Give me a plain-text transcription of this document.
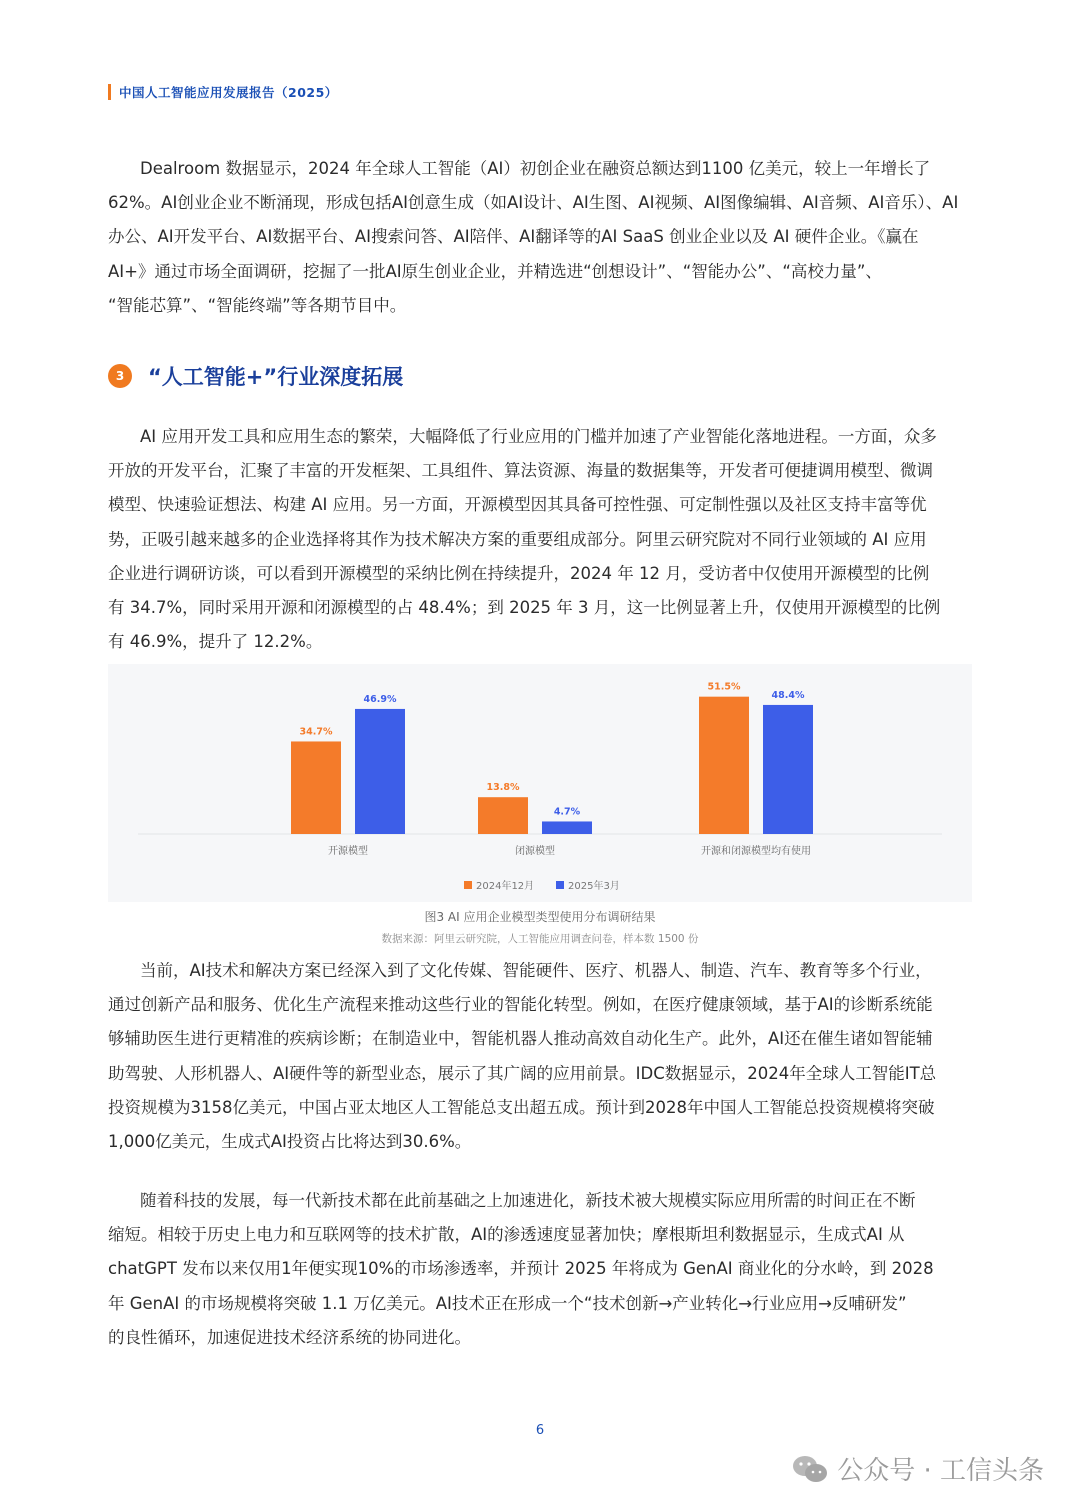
中国人工智能应用发展报告（2025）
Dealroom 数据显示，2024 年全球人工智能（AI）初创企业在融资总额达到1100 亿美元，较上一年增长了
62%。AI创业企业不断涌现，形成包括AI创意生成（如AI设计、AI生图、AI视频、AI图像编辑、AI音频、AI音乐）、AI
办公、AI开发平台、AI数据平台、AI搜索问答、AI陪伴、AI翻译等的AI SaaS 创业企业以及 AI 硬件企业。《赢在
AI+》通过市场全面调研，挖掘了一批AI原生创业企业，并精选进“创想设计”、“智能办公”、“高校力量”、
“智能芯算”、“智能终端”等各期节目中。
3	“人工智能+”行业深度拓展
AI 应用开发工具和应用生态的繁荣，大幅降低了行业应用的门槛并加速了产业智能化落地进程。一方面，众多
开放的开发平台，汇聚了丰富的开发框架、工具组件、算法资源、海量的数据集等，开发者可便捷调用模型、微调
模型、快速验证想法、构建 AI 应用。另一方面，开源模型因其具备可控性强、可定制性强以及社区支持丰富等优
势，正吸引越来越多的企业选择将其作为技术解决方案的重要组成部分。阿里云研究院对不同行业领域的 AI 应用
企业进行调研访谈，可以看到开源模型的采纳比例在持续提升，2024 年 12 月，受访者中仅使用开源模型的比例
有 34.7%，同时采用开源和闭源模型的占 48.4%；到 2025 年 3 月，这一比例显著上升，仅使用开源模型的比例
有 46.9%，提升了 12.2%。
34.7%
46.9%
13.8%
4.7%
51.5%
48.4%
开源模型	闭源模型	开源和闭源模型均有使用
2024年12月	2025年3月
图3 AI 应用企业模型类型使用分布调研结果
数据来源：阿里云研究院，人工智能应用调查问卷，样本数 1500 份
当前，AI技术和解决方案已经深入到了文化传媒、智能硬件、医疗、机器人、制造、汽车、教育等多个行业，
通过创新产品和服务、优化生产流程来推动这些行业的智能化转型。例如，在医疗健康领域，基于AI的诊断系统能
够辅助医生进行更精准的疾病诊断；在制造业中，智能机器人推动高效自动化生产。此外，AI还在催生诸如智能辅
助驾驶、人形机器人、AI硬件等的新型业态，展示了其广阔的应用前景。IDC数据显示，2024年全球人工智能IT总
投资规模为3158亿美元，中国占亚太地区人工智能总支出超五成。预计到2028年中国人工智能总投资规模将突破
1,000亿美元，生成式AI投资占比将达到30.6%。
随着科技的发展，每一代新技术都在此前基础之上加速进化，新技术被大规模实际应用所需的时间正在不断
缩短。相较于历史上电力和互联网等的技术扩散，AI的渗透速度显著加快；摩根斯坦利数据显示，生成式AI 从
chatGPT 发布以来仅用1年便实现10%的市场渗透率，并预计 2025 年将成为 GenAI 商业化的分水岭，到 2028
年 GenAI 的市场规模将突破 1.1 万亿美元。AI技术正在形成一个“技术创新→产业转化→行业应用→反哺研发”
的良性循环，加速促进技术经济系统的协同进化。
6
公众号 · 工信头条
